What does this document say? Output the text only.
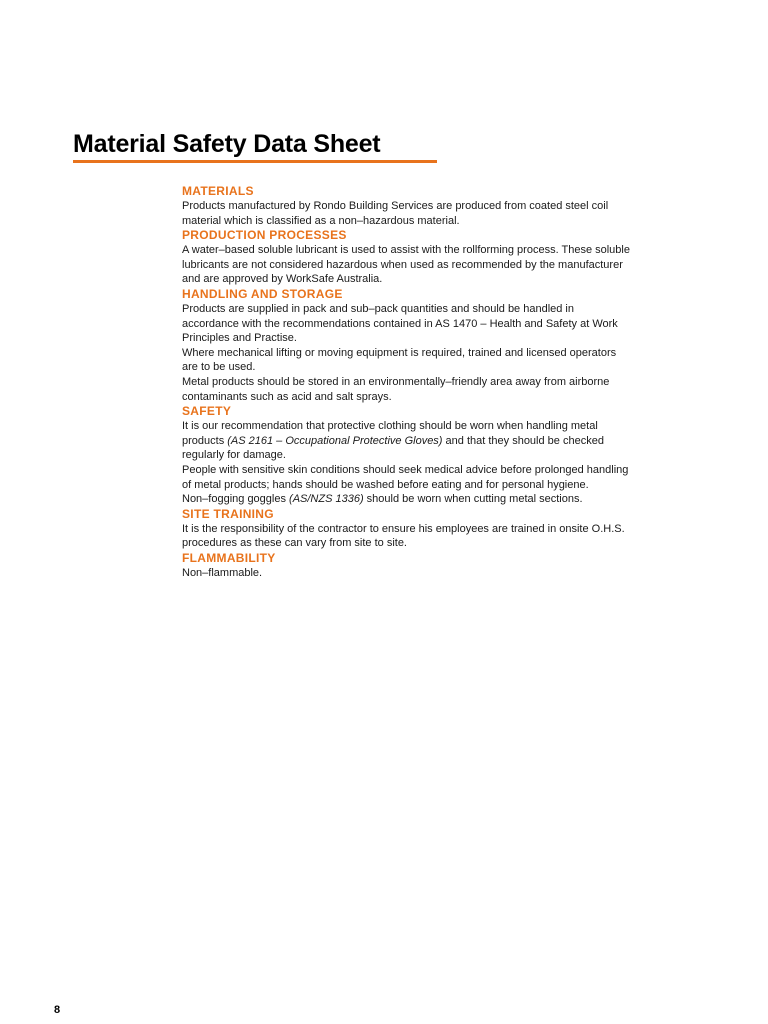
Material Safety Data Sheet
MATERIALS

Products manufactured by Rondo Building Services are produced from coated steel coil material which is classified as a non–hazardous material.

PRODUCTION PROCESSES

A water–based soluble lubricant is used to assist with the rollforming process. These soluble lubricants are not considered hazardous when used as recommended by the manufacturer and are approved by WorkSafe Australia.

HANDLING AND STORAGE

Products are supplied in pack and sub–pack quantities and should be handled in accordance with the recommendations contained in AS 1470 – Health and Safety at Work Principles and Practise.

Where mechanical lifting or moving equipment is required, trained and licensed operators are to be used.

Metal products should be stored in an environmentally–friendly area away from airborne contaminants such as acid and salt sprays.

SAFETY

It is our recommendation that protective clothing should be worn when handling metal products (AS 2161 – Occupational Protective Gloves) and that they should be checked regularly for damage.

People with sensitive skin conditions should seek medical advice before prolonged handling of metal products; hands should be washed before eating and for personal hygiene.

Non–fogging goggles (AS/NZS 1336) should be worn when cutting metal sections.

SITE TRAINING

It is the responsibility of the contractor to ensure his employees are trained in onsite O.H.S. procedures as these can vary from site to site.

FLAMMABILITY

Non–flammable.

8
